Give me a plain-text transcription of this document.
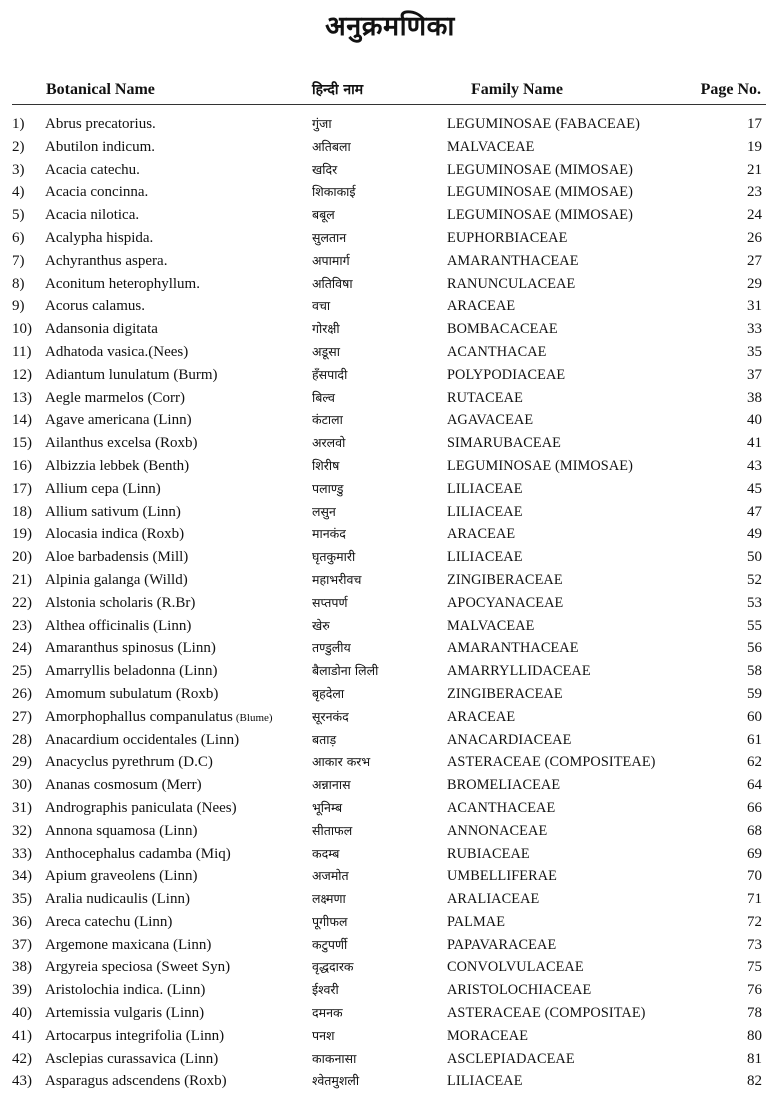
अनुक्रमणिका
Botanical Name	हिन्दी नाम	Family Name	Page No.
1) Abrus precatorius.	गुंजा	LEGUMINOSAE (FABACEAE)	17
2) Abutilon indicum.	अतिबला	MALVACEAE	19
3) Acacia catechu.	खदिर	LEGUMINOSAE (MIMOSAE)	21
4) Acacia concinna.	शिकाकाई	LEGUMINOSAE (MIMOSAE)	23
5) Acacia nilotica.	बबूल	LEGUMINOSAE (MIMOSAE)	24
6) Acalypha hispida.	सुलतान	EUPHORBIACEAE	26
7) Achyranthus aspera.	अपामार्ग	AMARANTHACEAE	27
8) Aconitum heterophyllum.	अतिविषा	RANUNCULACEAE	29
9) Acorus calamus.	वचा	ARACEAE	31
10) Adansonia digitata	गोरक्षी	BOMBACACEAE	33
11) Adhatoda vasica.(Nees)	अडूसा	ACANTHACAE	35
12) Adiantum lunulatum (Burm)	हँसपादी	POLYPODIACEAE	37
13) Aegle marmelos (Corr)	बिल्व	RUTACEAE	38
14) Agave americana (Linn)	कंटाला	AGAVACEAE	40
15) Ailanthus excelsa (Roxb)	अरलवो	SIMARUBACEAE	41
16) Albizzia lebbek (Benth)	शिरीष	LEGUMINOSAE (MIMOSAE)	43
17) Allium cepa (Linn)	पलाण्डु	LILIACEAE	45
18) Allium sativum (Linn)	लसुन	LILIACEAE	47
19) Alocasia indica (Roxb)	मानकंद	ARACEAE	49
20) Aloe barbadensis (Mill)	घृतकुमारी	LILIACEAE	50
21) Alpinia galanga (Willd)	महाभरीवच	ZINGIBERACEAE	52
22) Alstonia scholaris (R.Br)	सप्तपर्ण	APOCYANACEAE	53
23) Althea officinalis (Linn)	खेरु	MALVACEAE	55
24) Amaranthus spinosus (Linn)	तण्डुलीय	AMARANTHACEAE	56
25) Amarryllis beladonna (Linn)	बैलाडोना लिली	AMARRYLLIDACEAE	58
26) Amomum subulatum (Roxb)	बृहदेला	ZINGIBERACEAE	59
27) Amorphophallus companulatus (Blume)	सूरनकंद	ARACEAE	60
28) Anacardium occidentales (Linn)	बताड़	ANACARDIACEAE	61
29) Anacyclus pyrethrum (D.C)	आकार करभ	ASTERACEAE (COMPOSITEAE)	62
30) Ananas cosmosum (Merr)	अन्नानास	BROMELIACEAE	64
31) Andrographis paniculata (Nees)	भूनिम्ब	ACANTHACEAE	66
32) Annona squamosa (Linn)	सीताफल	ANNONACEAE	68
33) Anthocephalus cadamba (Miq)	कदम्ब	RUBIACEAE	69
34) Apium graveolens (Linn)	अजमोत	UMBELLIFERAE	70
35) Aralia nudicaulis (Linn)	लक्ष्मणा	ARALIACEAE	71
36) Areca catechu (Linn)	पूगीफल	PALMAE	72
37) Argemone maxicana (Linn)	कटुपर्णी	PAPAVARACEAE	73
38) Argyreia speciosa (Sweet Syn)	वृद्धदारक	CONVOLVULACEAE	75
39) Aristolochia indica. (Linn)	ईश्वरी	ARISTOLOCHIACEAE	76
40) Artemissia vulgaris (Linn)	दमनक	ASTERACEAE (COMPOSITAE)	78
41) Artocarpus integrifolia (Linn)	पनश	MORACEAE	80
42) Asclepias curassavica (Linn)	काकनासा	ASCLEPIADACEAE	81
43) Asparagus adscendens (Roxb)	श्वेतमुशली	LILIACEAE	82
